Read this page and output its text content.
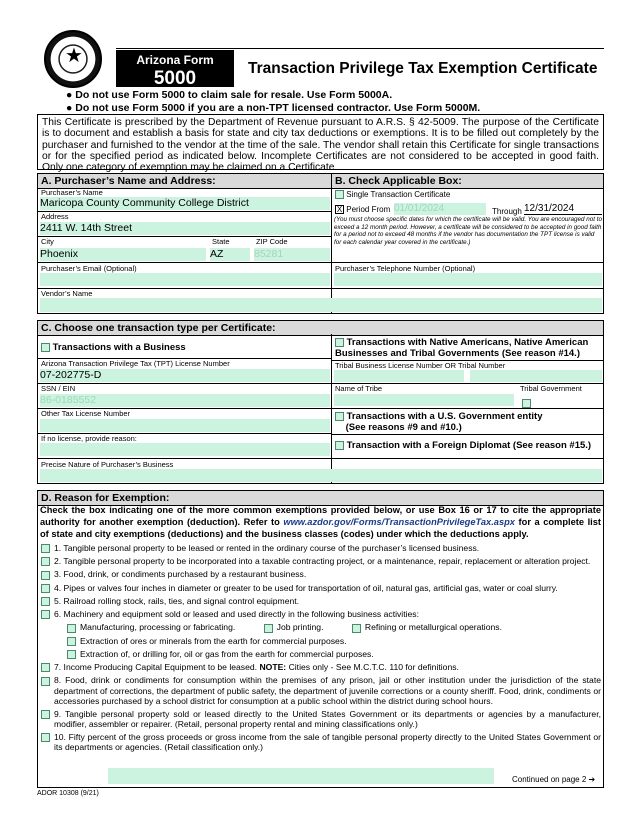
★	Arizona Form
5000	Transaction Privilege Tax Exemption Certificate
● Do not use Form 5000 to claim sale for resale. Use Form 5000A.
● Do not use Form 5000 if you are a non-TPT licensed contractor. Use Form 5000M.
This Certificate is prescribed by the Department of Revenue pursuant to A.R.S. § 42-5009. The purpose of the Certificate is to document and establish a basis for state and city tax deductions or exemptions. It is to be filled out completely by the purchaser and furnished to the vendor at the time of the sale. The vendor shall retain this Certificate for single transactions or for the specified period as indicated below. Incomplete Certificates are not considered to be accepted in good faith. Only one category of exemption may be claimed on a Certificate.
A. Purchaser’s Name and Address:	B. Check Applicable Box:
Purchaser’s Name
Maricopa County Community College District
Address
2411 W. 14th Street
City	State	ZIP Code
Phoenix	AZ	85281
Purchaser’s Email (Optional)	Purchaser’s Telephone Number (Optional)
Vendor’s Name
Single Transaction Certificate
X Period From 01/01/2024	Through 12/31/2024
(You must choose specific dates for which the certificate will be valid. You are encouraged not to exceed a 12 month period. However, a certificate will be considered to be accepted in good faith for a period not to exceed 48 months if the vendor has documentation the TPT license is valid for each calendar year covered in the certificate.)
C. Choose one transaction type per Certificate:
Transactions with a Business
Arizona Transaction Privilege Tax (TPT) License Number
07-202775-D
SSN / EIN
86-0185552
Other Tax License Number
If no license, provide reason:
Precise Nature of Purchaser’s Business
Transactions with Native Americans, Native American Businesses and Tribal Governments (See reason #14.)
Tribal Business License Number OR Tribal Number
Name of Tribe	Tribal Government
Transactions with a U.S. Government entity
(See reasons #9 and #10.)
Transaction with a Foreign Diplomat (See reason #15.)
D. Reason for Exemption:
Check the box indicating one of the more common exemptions provided below, or use Box 16 or 17 to cite the appropriate authority for another exemption (deduction). Refer to www.azdor.gov/Forms/TransactionPrivilegeTax.aspx for a complete list of state and city exemptions (deductions) and the business classes (codes) under which the deductions apply.
1. Tangible personal property to be leased or rented in the ordinary course of the purchaser’s licensed business.
2. Tangible personal property to be incorporated into a taxable contracting project, or a maintenance, repair, replacement or alteration project.
3. Food, drink, or condiments purchased by a restaurant business.
4. Pipes or valves four inches in diameter or greater to be used for transportation of oil, natural gas, artificial gas, water or coal slurry.
5. Railroad rolling stock, rails, ties, and signal control equipment.
6. Machinery and equipment sold or leased and used directly in the following business activities:
Manufacturing, processing or fabricating.	Job printing.	Refining or metallurgical operations.
Extraction of ores or minerals from the earth for commercial purposes.
Extraction of, or drilling for, oil or gas from the earth for commercial purposes.
7. Income Producing Capital Equipment to be leased. NOTE: Cities only - See M.C.T.C. 110 for definitions.
8. Food, drink or condiments for consumption within the premises of any prison, jail or other institution under the jurisdiction of the state department of corrections, the department of public safety, the department of juvenile corrections or a county sheriff. Food, drink, condiments or accessories purchased by a school district for consumption at a public school within the district during school hours.
9. Tangible personal property sold or leased directly to the United States Government or its departments or agencies by a manufacturer, modifier, assembler or repairer. (Retail, personal property rental and mining classifications only.)
10. Fifty percent of the gross proceeds or gross income from the sale of tangible personal property directly to the United States Government or its departments or agencies. (Retail classification only.)
Continued on page 2 ➔
ADOR 10308 (9/21)
